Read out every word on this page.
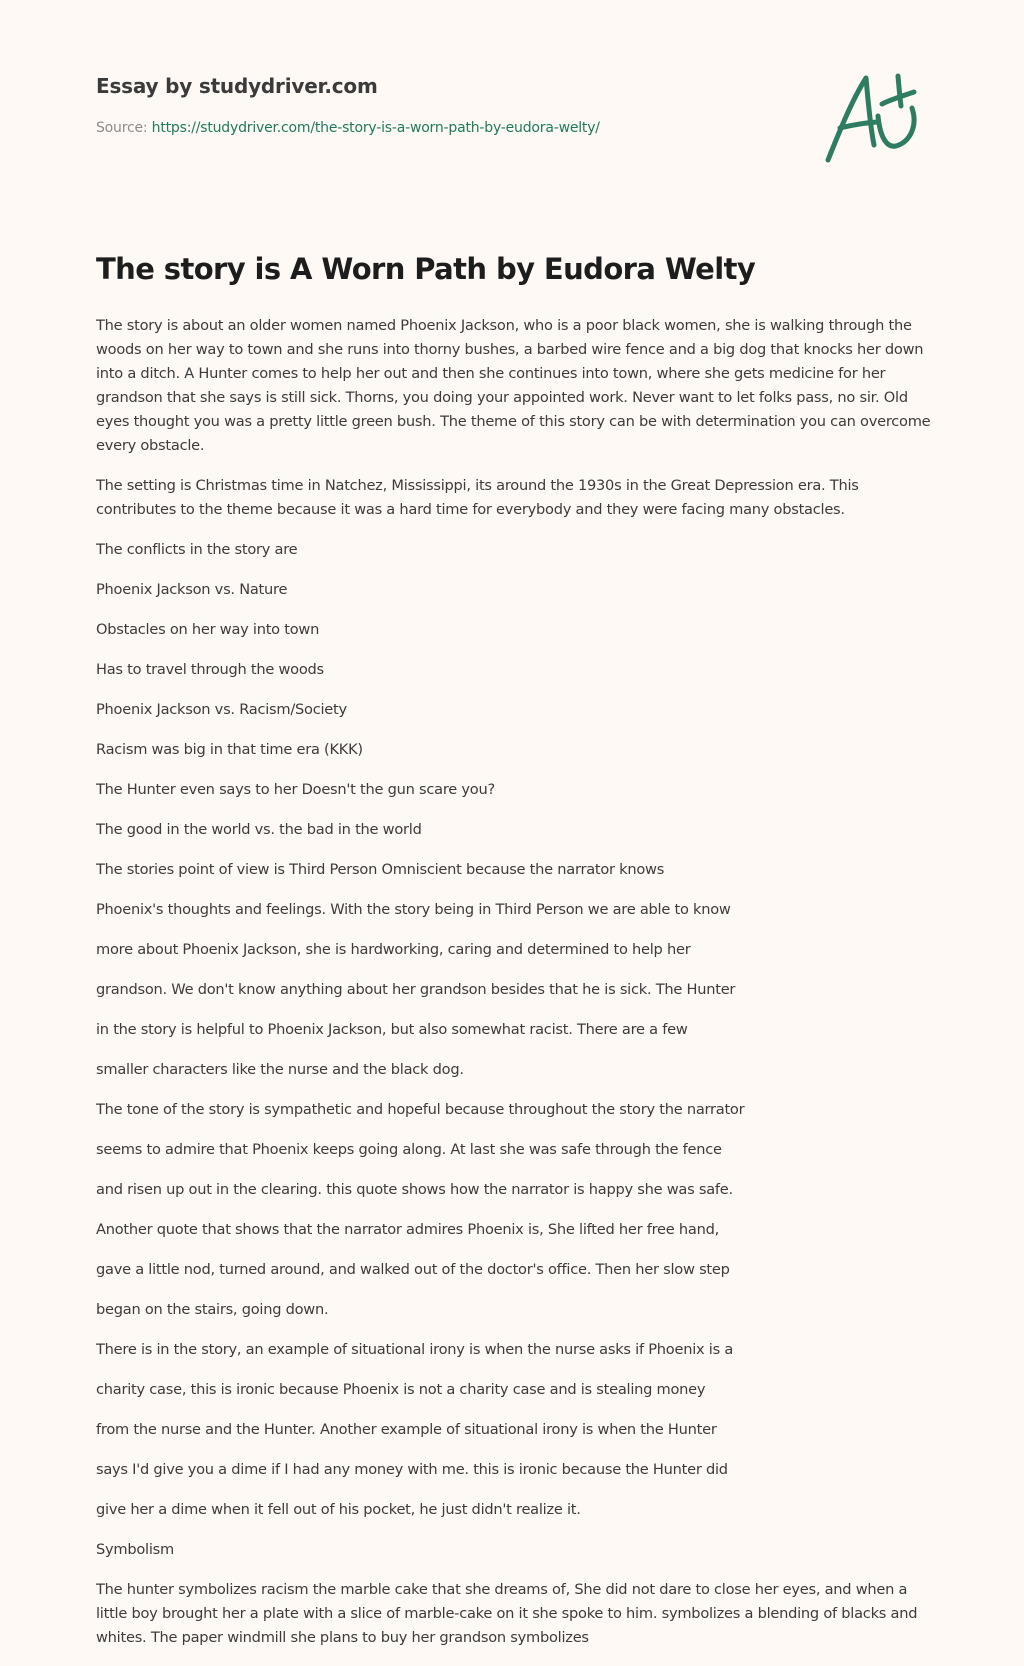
Essay by studydriver.com
Source: https://studydriver.com/the-story-is-a-worn-path-by-eudora-welty/
The story is A Worn Path by Eudora Welty

The story is about an older women named Phoenix Jackson, who is a poor black women, she is walking through the woods on her way to town and she runs into thorny bushes, a barbed wire fence and a big dog that knocks her down into a ditch. A Hunter comes to help her out and then she continues into town, where she gets medicine for her grandson that she says is still sick. Thorns, you doing your appointed work. Never want to let folks pass, no sir. Old eyes thought you was a pretty little green bush. The theme of this story can be with determination you can overcome every obstacle.

The setting is Christmas time in Natchez, Mississippi, its around the 1930s in the Great Depression era. This contributes to the theme because it was a hard time for everybody and they were facing many obstacles.

The conflicts in the story are

Phoenix Jackson vs. Nature

Obstacles on her way into town

Has to travel through the woods

Phoenix Jackson vs. Racism/Society

Racism was big in that time era (KKK)

The Hunter even says to her Doesn't the gun scare you?

The good in the world vs. the bad in the world

The stories point of view is Third Person Omniscient because the narrator knows

Phoenix's thoughts and feelings. With the story being in Third Person we are able to know

more about Phoenix Jackson, she is hardworking, caring and determined to help her

grandson. We don't know anything about her grandson besides that he is sick. The Hunter

in the story is helpful to Phoenix Jackson, but also somewhat racist. There are a few

smaller characters like the nurse and the black dog.

The tone of the story is sympathetic and hopeful because throughout the story the narrator

seems to admire that Phoenix keeps going along. At last she was safe through the fence

and risen up out in the clearing. this quote shows how the narrator is happy she was safe.

Another quote that shows that the narrator admires Phoenix is, She lifted her free hand,

gave a little nod, turned around, and walked out of the doctor's office. Then her slow step

began on the stairs, going down.

There is in the story, an example of situational irony is when the nurse asks if Phoenix is a

charity case, this is ironic because Phoenix is not a charity case and is stealing money

from the nurse and the Hunter. Another example of situational irony is when the Hunter

says I'd give you a dime if I had any money with me. this is ironic because the Hunter did

give her a dime when it fell out of his pocket, he just didn't realize it.

Symbolism

The hunter symbolizes racism the marble cake that she dreams of, She did not dare to close her eyes, and when a little boy brought her a plate with a slice of marble-cake on it she spoke to him. symbolizes a blending of blacks and whites. The paper windmill she plans to buy her grandson symbolizes
